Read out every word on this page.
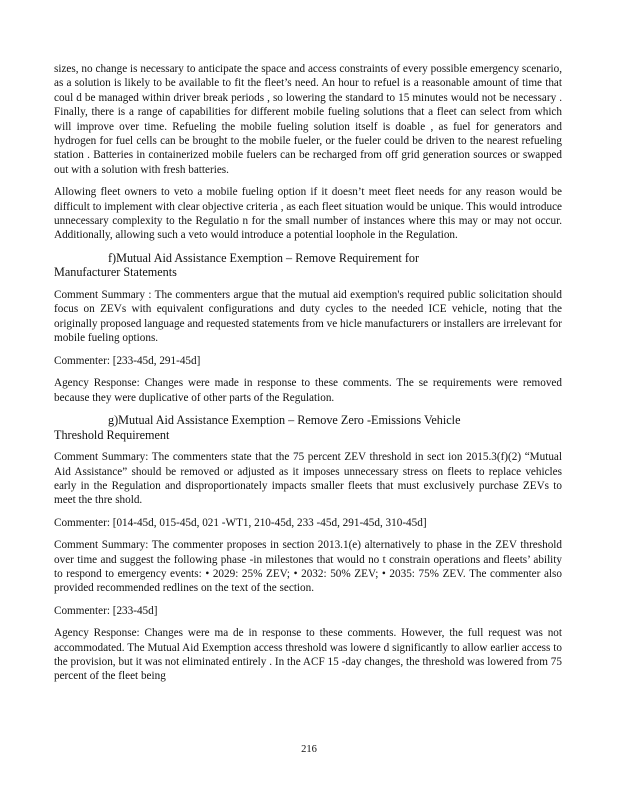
sizes, no change is necessary to anticipate the space and access constraints of every possible emergency scenario, as a solution is likely to be available to fit the fleet’s need. An hour to refuel is a reasonable amount of time that coul d be managed within driver break periods , so lowering the standard to 15 minutes would not be necessary . Finally, there is a range of capabilities for different mobile fueling solutions that a fleet can select from which will improve over time. Refueling the mobile fueling solution itself is doable , as fuel for generators and hydrogen for fuel cells can be brought to the mobile fueler, or the fueler could be driven to the nearest refueling station . Batteries in containerized mobile fuelers can be recharged from off grid generation sources or swapped out with a solution with fresh batteries.

Allowing fleet owners to veto a mobile fueling option if it doesn’t meet fleet needs for any reason would be difficult to implement with clear objective criteria , as each fleet situation would be unique. This would introduce unnecessary complexity to the Regulatio n for the small number of instances where this may or may not occur. Additionally, allowing such a veto would introduce a potential loophole in the Regulation.

f)Mutual Aid Assistance Exemption – Remove Requirement for
Manufacturer Statements

Comment Summary : The commenters argue that the mutual aid exemption's required public solicitation should focus on ZEVs with equivalent configurations and duty cycles to the needed ICE vehicle, noting that the originally proposed language and requested statements from ve hicle manufacturers or installers are irrelevant for mobile fueling options.

Commenter: [233-45d, 291-45d]

Agency Response: Changes were made in response to these comments. The se requirements were removed because they were duplicative of other parts of the Regulation.

g)Mutual Aid Assistance Exemption – Remove Zero -Emissions Vehicle
Threshold Requirement

Comment Summary: The commenters state that the 75 percent ZEV threshold in sect ion 2015.3(f)(2) “Mutual Aid Assistance” should be removed or adjusted as it imposes unnecessary stress on fleets to replace vehicles early in the Regulation and disproportionately impacts smaller fleets that must exclusively purchase ZEVs to meet the thre shold.

Commenter: [014-45d, 015-45d, 021 -WT1, 210-45d, 233 -45d, 291-45d, 310-45d]

Comment Summary: The commenter proposes in section 2013.1(e) alternatively to phase in the ZEV threshold over time and suggest the following phase -in milestones that would no t constrain operations and fleets’ ability to respond to emergency events: • 2029: 25% ZEV; • 2032: 50% ZEV; • 2035: 75% ZEV. The commenter also provided recommended redlines on the text of the section.

Commenter: [233-45d]

Agency Response: Changes were ma de in response to these comments. However, the full request was not accommodated. The Mutual Aid Exemption access threshold was lowere d significantly to allow earlier access to the provision, but it was not eliminated entirely . In the ACF 15 -day changes, the threshold was lowered from 75 percent of the fleet being

216
